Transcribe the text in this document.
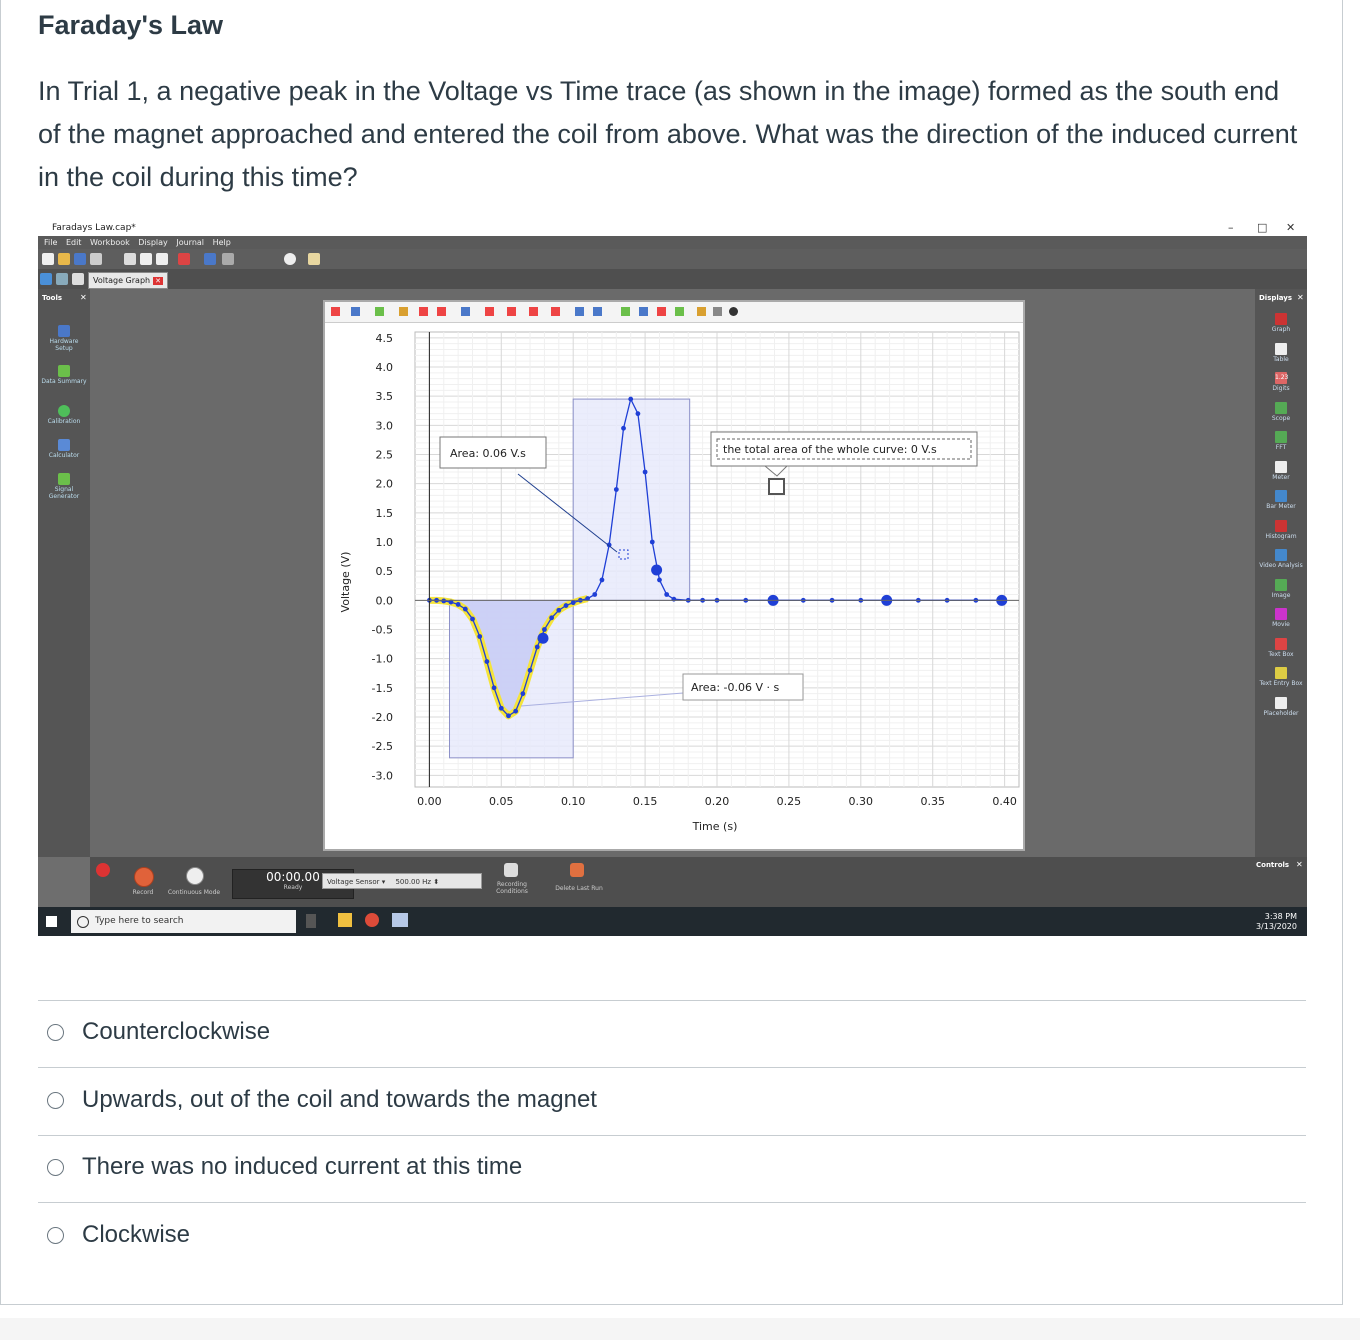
Faraday's Law

In Trial 1, a negative peak in the Voltage vs Time trace (as shown in the image) formed as the south end of the magnet approached and entered the coil from above. What was the direction of the induced current in the coil during this time?

Faradays Law.cap*	– □ ✕
File Edit Workbook Display Journal Help
Voltage Graph ✕
Tools ✕
Hardware Setup
Data Summary
Calibration
Calculator
Signal Generator
4.5
4.0
3.5
3.0
2.5
2.0
1.5
1.0
0.5
0.0
-0.5
-1.0
-1.5
-2.0
-2.5
-3.0
0.00	0.05	0.10	0.15	0.20	0.25	0.30	0.35	0.40
Voltage (V)
Time (s)
Area: 0.06 V.s	the total area of the whole curve: 0 V.s
Area: -0.06 V · s
Displays ✕
Graph
Table
1.23
Digits
Scope
FFT
Meter
Bar Meter
Histogram
Video Analysis
Image
Movie
Text Box
Text Entry Box
Placeholder
Controls ✕
Record	Continuous Mode
00:00.00
Ready
Voltage Sensor ▾ 500.00 Hz ⬍	Recording Conditions	Delete Last Run
Type here to search	3:38 PM
3/13/2020
Counterclockwise
Upwards, out of the coil and towards the magnet
There was no induced current at this time
Clockwise
